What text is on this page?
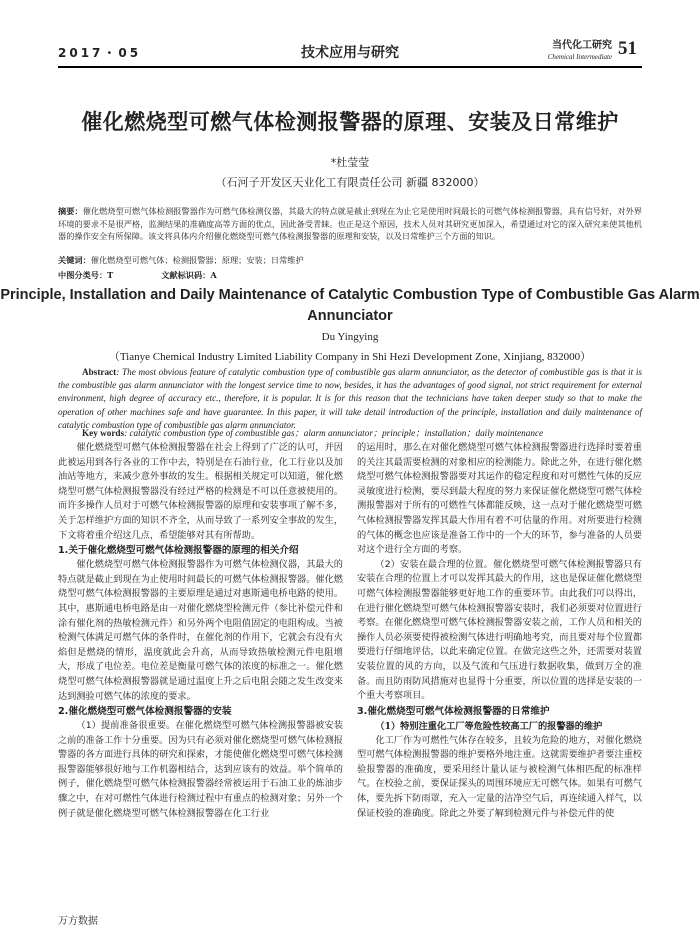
2017・05	技术应用与研究	当代化工研究
Chemical Intermediate 51
催化燃烧型可燃气体检测报警器的原理、安装及日常维护
*杜莹莹
（石河子开发区天业化工有限责任公司 新疆 832000）
摘要：催化燃烧型可燃气体检测报警器作为可燃气体检测仪器，其最大的特点就是截止到现在为止它是使用时间最长的可燃气体检测报警器，具有信号好，对外界环境的要求不是很严格，监测结果的准确度高等方面的优点，因此备受青睐。也正是这个原因，技术人员对其研究更加深入，希望通过对它的深入研究来使其他机器的操作安全有所保障。该文将具体内介绍催化燃烧型可燃气体检测报警器的原理和安装，以及日常维护三个方面的知识。
关键词：催化燃烧型可燃气体；检测报警器；原理；安装；日常维护
中图分类号：T	文献标识码：A
Principle, Installation and Daily Maintenance of Catalytic Combustion Type of Combustible Gas Alarm Annunciator
Du Yingying
（Tianye Chemical Industry Limited Liability Company in Shi Hezi Development Zone, Xinjiang, 832000）
Abstract: The most obvious feature of catalytic combustion type of combustible gas alarm annunciator, as the detector of combustible gas is that it is the combustible gas alarm annunciator with the longest service time to now, besides, it has the advantages of good signal, not strict requirement for external environment, high degree of accuracy etc., therefore, it is popular. It is for this reason that the technicians have taken deeper study so that to make the operation of other machines safe and have guarantee. In this paper, it will take detail introduction of the principle, installation and daily maintenance of catalytic combustion type of combustible gas alarm annunciator.
Key words: catalytic combustion type of combustible gas；alarm annunciator；principle；installation；daily maintenance

催化燃烧型可燃气体检测报警器在社会上得到了广泛的认可，并因此被运用到各行各业的工作中去，特别是在石油行业，化工行业以及加油站等地方，来减少意外事故的发生。根据相关规定可以知道，催化燃烧型可燃气体检测报警器没有经过严格的检测是不可以任意被使用的。而许多操作人员对于可燃气体检测报警器的原理和安装事项了解不多，关于怎样维护方面的知识不齐全，从而导致了一系列安全事故的发生，下文将着重介绍这几点，希望能够对其有所帮助。

1.关于催化燃烧型可燃气体检测报警器的原理的相关介绍

催化燃烧型可燃气体检测报警器作为可燃气体检测仪器，其最大的特点就是截止到现在为止使用时间最长的可燃气体检测报警器。催化燃烧型可燃气体检测报警器的主要原理是通过对惠斯通电桥电路的使用。其中，惠斯通电桥电路是由一对催化燃烧型检测元件（参比补偿元件和涂有催化剂的热敏检测元件）和另外两个电阻值固定的电阻构成。当被检测气体满足可燃气体的条件时，在催化剂的作用下，它就会有没有火焰但是燃烧的情形，温度就此会升高，从而导致热敏检测元件电阻增大，形成了电位差。电位差是衡量可燃气体的浓度的标准之一。催化燃烧型可燃气体检测报警器就是通过温度上升之后电阻会随之发生改变来达到测验可燃气体的浓度的要求。

2.催化燃烧型可燃气体检测报警器的安装

（1）提前准备很重要。在催化燃烧型可燃气体检测报警器被安装之前的准备工作十分重要。因为只有必须对催化燃烧型可燃气体检测报警器的各方面进行具体的研究和探索，才能使催化燃烧型可燃气体检测报警器能够很好地与工作机器相结合，达到应该有的效益。举个简单的例子，催化燃烧型可燃气体检测报警器经常被运用于石油工业的炼油步骤之中，在对可燃性气体进行检测过程中有重点的检测对象；另外一个例子就是催化燃烧型可燃气体检测报警器在化工行业

的运用时，那么在对催化燃烧型可燃气体检测报警器进行选择时要着重的关注其最需要检测的对象相应的检测能力。除此之外，在进行催化燃烧型可燃气体检测报警器要对其运作的稳定程度和对可燃性气体的反应灵敏度进行检测，要尽到最大程度的努力来保证催化燃烧型可燃气体检测报警器对于所有的可燃性气体都能反映，这一点对于催化燃烧型可燃气体检测报警器发挥其最大作用有着不可估量的作用。对所要进行检测的气体的概念也应该是准备工作中的一个大的环节，参与准备的人员要对这个进行全方面的考察。

（2）安装在最合理的位置。催化燃烧型可燃气体检测报警器只有安装在合理的位置上才可以发挥其最大的作用，这也是保证催化燃烧型可燃气体检测报警器能够更好地工作的重要环节。由此我们可以得出，在进行催化燃烧型可燃气体检测报警器安装时，我们必须要对位置进行考察。在催化燃烧型可燃气体检测报警器安装之前，工作人员和相关的操作人员必须要使得被检测气体进行明确地考究，而且要对每个位置都要进行仔细地评估，以此来确定位置。在做完这些之外，还需要对装置安装位置的风的方向，以及气流和气压进行数据收集，做到万全的准备。而且防雨防风措施对也显得十分重要，所以位置的选择是安装的一个重大考察项目。

3.催化燃烧型可燃气体检测报警器的日常维护
（1）特别注重化工厂等危险性较高工厂的报警器的维护

化工厂作为可燃性气体存在较多，且较为危险的地方，对催化燃烧型可燃气体检测报警器的维护要格外地注重。这就需要维护者要注重校验报警器的准确度，要采用经计量认证与被检测气体相匹配的标准样气。在校验之前，要保证探头的周围环境应无可燃气体。如果有可燃气体，要先拆下防雨罩，充入一定量的洁净空气后，再连续通入样气，以保证校验的准确度。除此之外要了解到检测元件与补偿元件的使

万方数据
